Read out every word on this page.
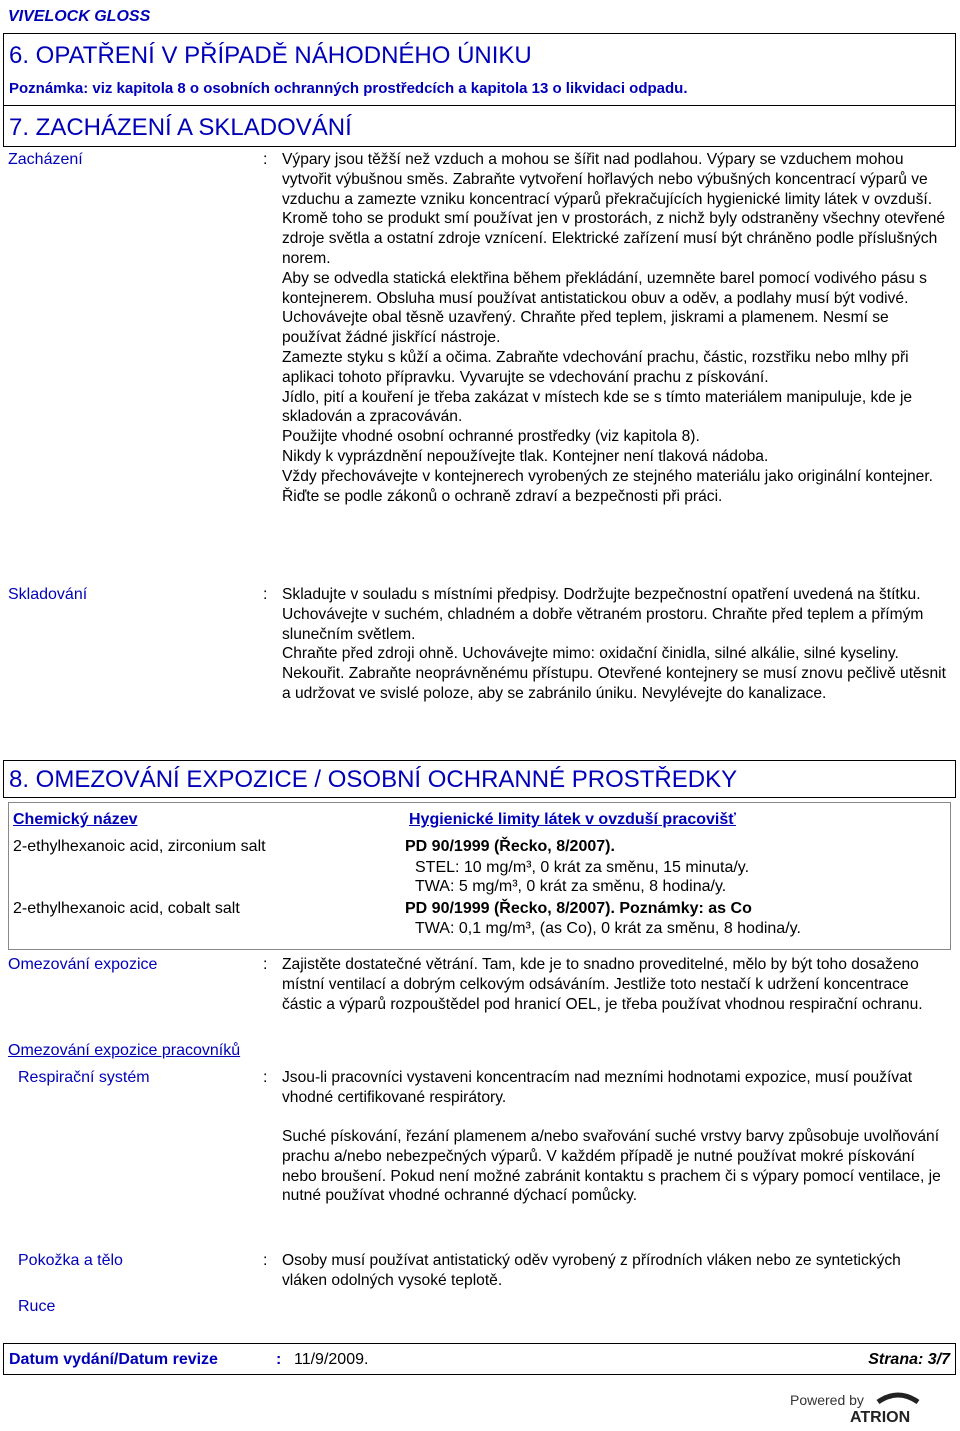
VIVELOCK GLOSS
6. OPATŘENÍ V PŘÍPADĚ NÁHODNÉHO ÚNIKU
Poznámka: viz kapitola 8 o osobních ochranných prostředcích a kapitola 13 o likvidaci odpadu.
7. ZACHÁZENÍ A SKLADOVÁNÍ
Zacházení	: Výpary jsou těžší než vzduch a mohou se šířit nad podlahou. Výpary se vzduchem mohou vytvořit výbušnou směs. Zabraňte vytvoření hořlavých nebo výbušných koncentrací výparů ve vzduchu a zamezte vzniku koncentrací výparů překračujících hygienické limity látek v ovzduší.

Kromě toho se produkt smí používat jen v prostorách, z nichž byly odstraněny všechny otevřené zdroje světla a ostatní zdroje vznícení. Elektrické zařízení musí být chráněno podle příslušných norem.

Aby se odvedla statická elektřina během překládání, uzemněte barel pomocí vodivého pásu s kontejnerem. Obsluha musí používat antistatickou obuv a oděv, a podlahy musí být vodivé.

Uchovávejte obal těsně uzavřený. Chraňte před teplem, jiskrami a plamenem. Nesmí se používat žádné jiskřící nástroje.

Zamezte styku s kůží a očima. Zabraňte vdechování prachu, částic, rozstřiku nebo mlhy při aplikaci tohoto přípravku. Vyvarujte se vdechování prachu z pískování.

Jídlo, pití a kouření je třeba zakázat v místech kde se s tímto materiálem manipuluje, kde je skladován a zpracováván.

Použijte vhodné osobní ochranné prostředky (viz kapitola 8).

Nikdy k vyprázdnění nepoužívejte tlak. Kontejner není tlaková nádoba.

Vždy přechovávejte v kontejnerech vyrobených ze stejného materiálu jako originální kontejner.

Řiďte se podle zákonů o ochraně zdraví a bezpečnosti při práci.

Skladování	: Skladujte v souladu s místními předpisy. Dodržujte bezpečnostní opatření uvedená na štítku. Uchovávejte v suchém, chladném a dobře větraném prostoru. Chraňte před teplem a přímým slunečním světlem.

Chraňte před zdroji ohně. Uchovávejte mimo: oxidační činidla, silné alkálie, silné kyseliny.

Nekouřit. Zabraňte neoprávněnému přístupu. Otevřené kontejnery se musí znovu pečlivě utěsnit a udržovat ve svislé poloze, aby se zabránilo úniku. Nevylévejte do kanalizace.

8. OMEZOVÁNÍ EXPOZICE / OSOBNÍ OCHRANNÉ PROSTŘEDKY
Chemický název	Hygienické limity látek v ovzduší pracovišť
2-ethylhexanoic acid, zirconium salt	PD 90/1999 (Řecko, 8/2007).
STEL: 10 mg/m³, 0 krát za směnu, 15 minuta/y.
TWA: 5 mg/m³, 0 krát za směnu, 8 hodina/y.
2-ethylhexanoic acid, cobalt salt	PD 90/1999 (Řecko, 8/2007). Poznámky: as Co
TWA: 0,1 mg/m³, (as Co), 0 krát za směnu, 8 hodina/y.
Omezování expozice	: Zajistěte dostatečné větrání. Tam, kde je to snadno proveditelné, mělo by být toho dosaženo místní ventilací a dobrým celkovým odsáváním. Jestliže toto nestačí k udržení koncentrace částic a výparů rozpouštědel pod hranicí OEL, je třeba používat vhodnou respirační ochranu.
Omezování expozice pracovníků
Respirační systém	: Jsou-li pracovníci vystaveni koncentracím nad mezními hodnotami expozice, musí používat vhodné certifikované respirátory.
Suché pískování, řezání plamenem a/nebo svařování suché vrstvy barvy způsobuje uvolňování prachu a/nebo nebezpečných výparů. V každém případě je nutné používat mokré pískování nebo broušení. Pokud není možné zabránit kontaktu s prachem či s výpary pomocí ventilace, je nutné používat vhodné ochranné dýchací pomůcky.
Pokožka a tělo	: Osoby musí používat antistatický oděv vyrobený z přírodních vláken nebo ze syntetických vláken odolných vysoké teplotě.
Ruce
Datum vydání/Datum revize	: 11/9/2009.	Strana: 3/7
Powered by
ATRION
